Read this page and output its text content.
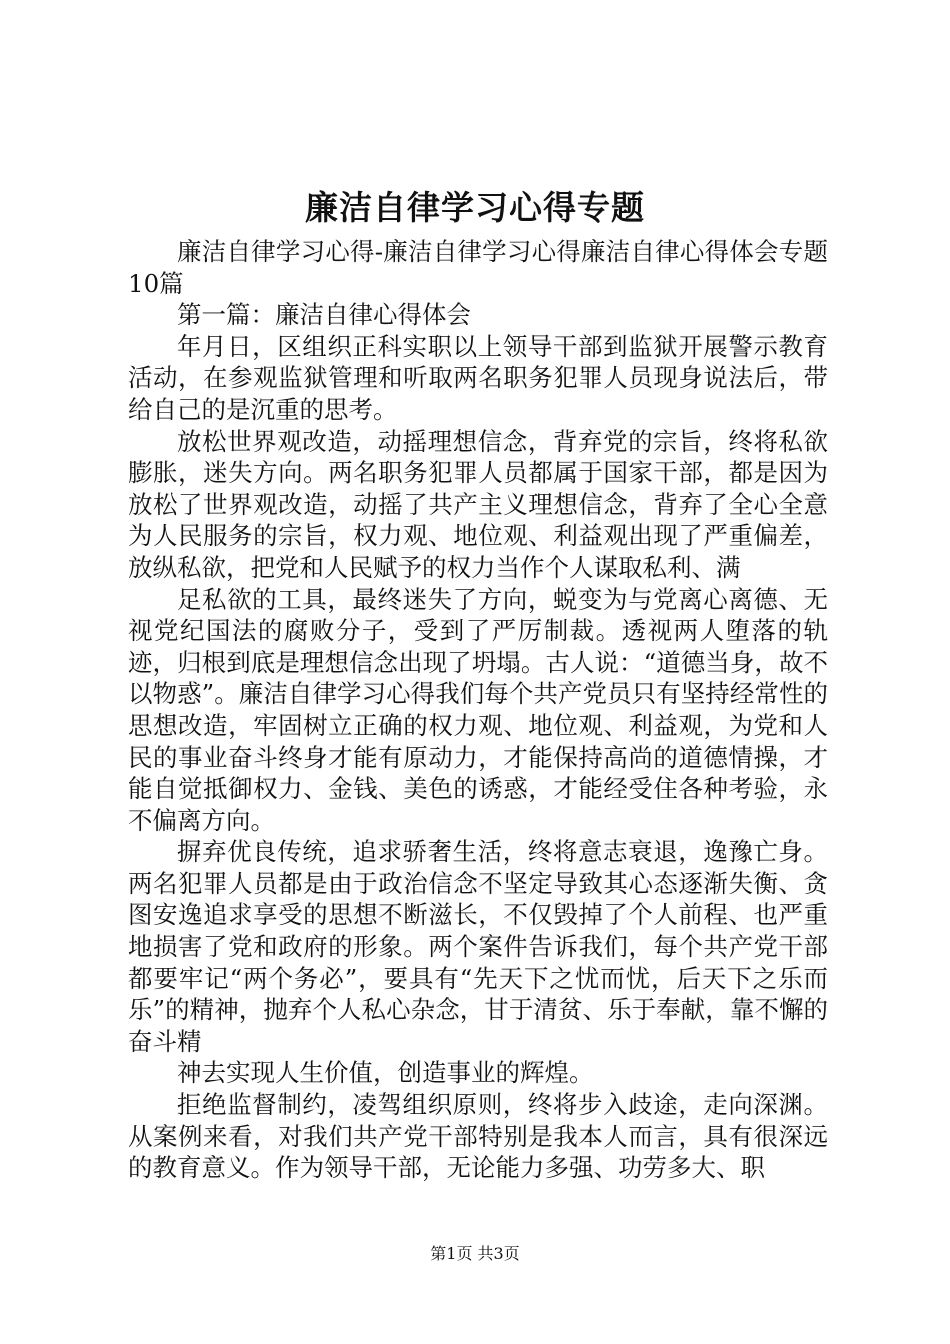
廉洁自律学习心得专题

廉洁自律学习心得-廉洁自律学习心得廉洁自律心得体会专题10篇

第一篇：廉洁自律心得体会

年月日，区组织正科实职以上领导干部到监狱开展警示教育活动，在参观监狱管理和听取两名职务犯罪人员现身说法后，带给自己的是沉重的思考。

放松世界观改造，动摇理想信念，背弃党的宗旨，终将私欲膨胀，迷失方向。两名职务犯罪人员都属于国家干部，都是因为放松了世界观改造，动摇了共产主义理想信念，背弃了全心全意为人民服务的宗旨，权力观、地位观、利益观出现了严重偏差，放纵私欲，把党和人民赋予的权力当作个人谋取私利、满

足私欲的工具，最终迷失了方向，蜕变为与党离心离德、无视党纪国法的腐败分子，受到了严厉制裁。透视两人堕落的轨迹，归根到底是理想信念出现了坍塌。古人说：“道德当身，故不以物惑”。廉洁自律学习心得我们每个共产党员只有坚持经常性的思想改造，牢固树立正确的权力观、地位观、利益观，为党和人民的事业奋斗终身才能有原动力，才能保持高尚的道德情操，才能自觉抵御权力、金钱、美色的诱惑，才能经受住各种考验，永不偏离方向。

摒弃优良传统，追求骄奢生活，终将意志衰退，逸豫亡身。两名犯罪人员都是由于政治信念不坚定导致其心态逐渐失衡、贪图安逸追求享受的思想不断滋长，不仅毁掉了个人前程、也严重地损害了党和政府的形象。两个案件告诉我们，每个共产党干部都要牢记“两个务必”，要具有“先天下之忧而忧，后天下之乐而乐”的精神，抛弃个人私心杂念，甘于清贫、乐于奉献，靠不懈的奋斗精

神去实现人生价值，创造事业的辉煌。

拒绝监督制约，凌驾组织原则，终将步入歧途，走向深渊。从案例来看，对我们共产党干部特别是我本人而言，具有很深远的教育意义。作为领导干部，无论能力多强、功劳多大、职

第1页 共3页
